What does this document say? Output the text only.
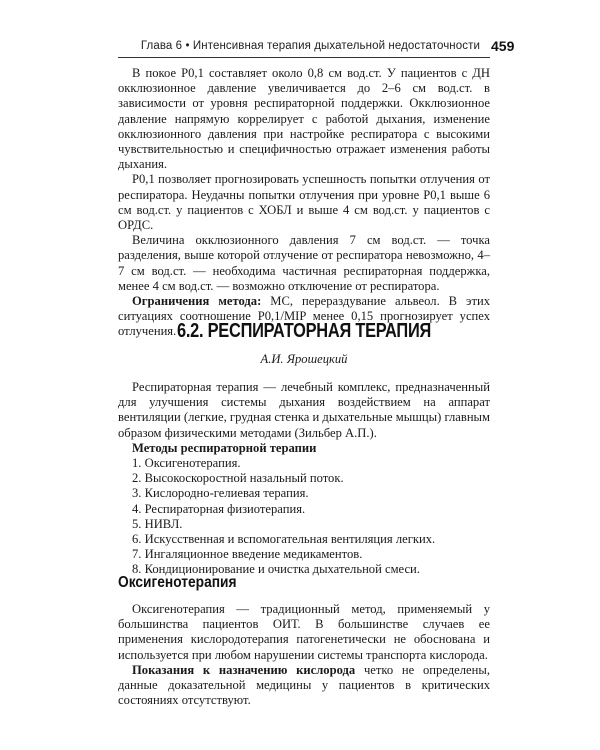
Глава 6 • Интенсивная терапия дыхательной недостаточности 459

В покое P0,1 составляет около 0,8 см вод.ст. У пациентов с ДН окклюзионное давление увеличивается до 2–6 см вод.ст. в зависимости от уровня респираторной поддержки. Окклюзионное давление напрямую коррелирует с работой дыхания, изменение окклюзионного давления при настройке респиратора с высокими чувствительностью и специфичностью отражает изменения работы дыхания.

P0,1 позволяет прогнозировать успешность попытки отлучения от респиратора. Неудачны попытки отлучения при уровне P0,1 выше 6 см вод.ст. у пациентов с ХОБЛ и выше 4 см вод.ст. у пациентов с ОРДС.

Величина окклюзионного давления 7 см вод.ст. — точка разделения, выше которой отлучение от респиратора невозможно, 4–7 см вод.ст. — необходима частичная респираторная поддержка, менее 4 см вод.ст. — возможно отключение от респиратора.

Ограничения метода: МС, перераздувание альвеол. В этих ситуациях соотношение P0,1/MIP менее 0,15 прогнозирует успех отлучения. 6.2. РЕСПИРАТОРНАЯ ТЕРАПИЯ
А.И. Ярошецкий

Респираторная терапия — лечебный комплекс, предназначенный для улучшения системы дыхания воздействием на аппарат вентиляции (легкие, грудная стенка и дыхательные мышцы) главным образом физическими методами (Зильбер А.П.).

Методы респираторной терапии

1. Оксигенотерапия.
2. Высокоскоростной назальный поток.
3. Кислородно-гелиевая терапия.
4. Респираторная физиотерапия.
5. НИВЛ.
6. Искусственная и вспомогательная вентиляция легких.
7. Ингаляционное введение медикаментов.
8. Кондиционирование и очистка дыхательной смеси.
Оксигенотерапия

Оксигенотерапия — традиционный метод, применяемый у большинства пациентов ОИТ. В большинстве случаев ее применения кислородотерапия патогенетически не обоснована и используется при любом нарушении системы транспорта кислорода.

Показания к назначению кислорода четко не определены, данные доказательной медицины у пациентов в критических состояниях отсутствуют.
